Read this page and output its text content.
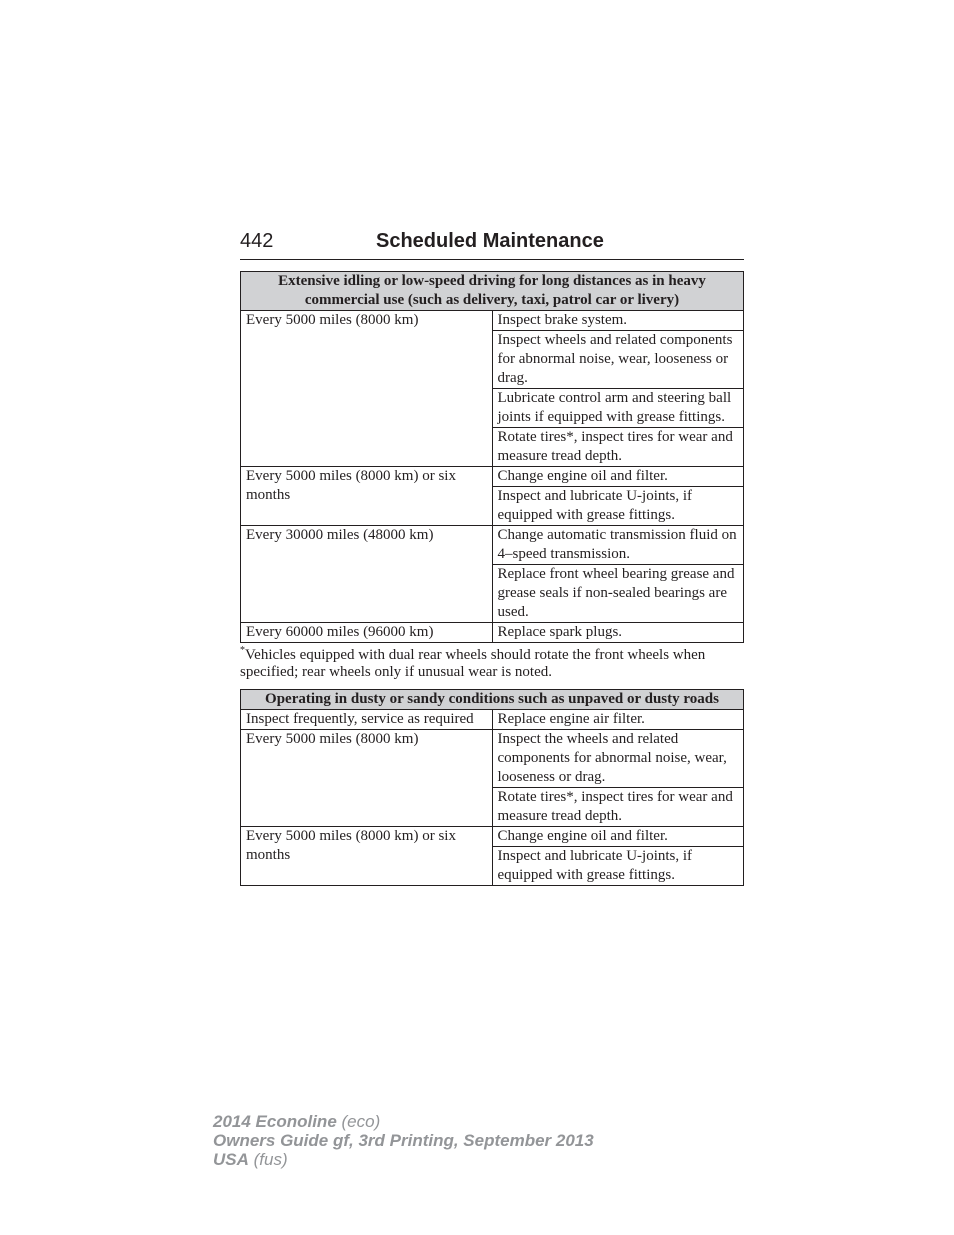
442	Scheduled Maintenance
Extensive idling or low-speed driving for long distances as in heavy commercial use (such as delivery, taxi, patrol car or livery)	
Every 5000 miles (8000 km)	Inspect brake system.
	Inspect wheels and related components for abnormal noise, wear, looseness or drag.
	Lubricate control arm and steering ball joints if equipped with grease fittings.
	Rotate tires*, inspect tires for wear and measure tread depth.
Every 5000 miles (8000 km) or six months	Change engine oil and filter.
	Inspect and lubricate U-joints, if equipped with grease fittings.
Every 30000 miles (48000 km)	Change automatic transmission fluid on 4–speed transmission.
	Replace front wheel bearing grease and grease seals if non-sealed bearings are used.
Every 60000 miles (96000 km)	Replace spark plugs.
*Vehicles equipped with dual rear wheels should rotate the front wheels when specified; rear wheels only if unusual wear is noted.
Operating in dusty or sandy conditions such as unpaved or dusty roads	
Inspect frequently, service as required	Replace engine air filter.
Every 5000 miles (8000 km)	Inspect the wheels and related components for abnormal noise, wear, looseness or drag.
	Rotate tires*, inspect tires for wear and measure tread depth.
Every 5000 miles (8000 km) or six months	Change engine oil and filter.
	Inspect and lubricate U-joints, if equipped with grease fittings.
2014 Econoline (eco)
Owners Guide gf, 3rd Printing, September 2013
USA (fus)
